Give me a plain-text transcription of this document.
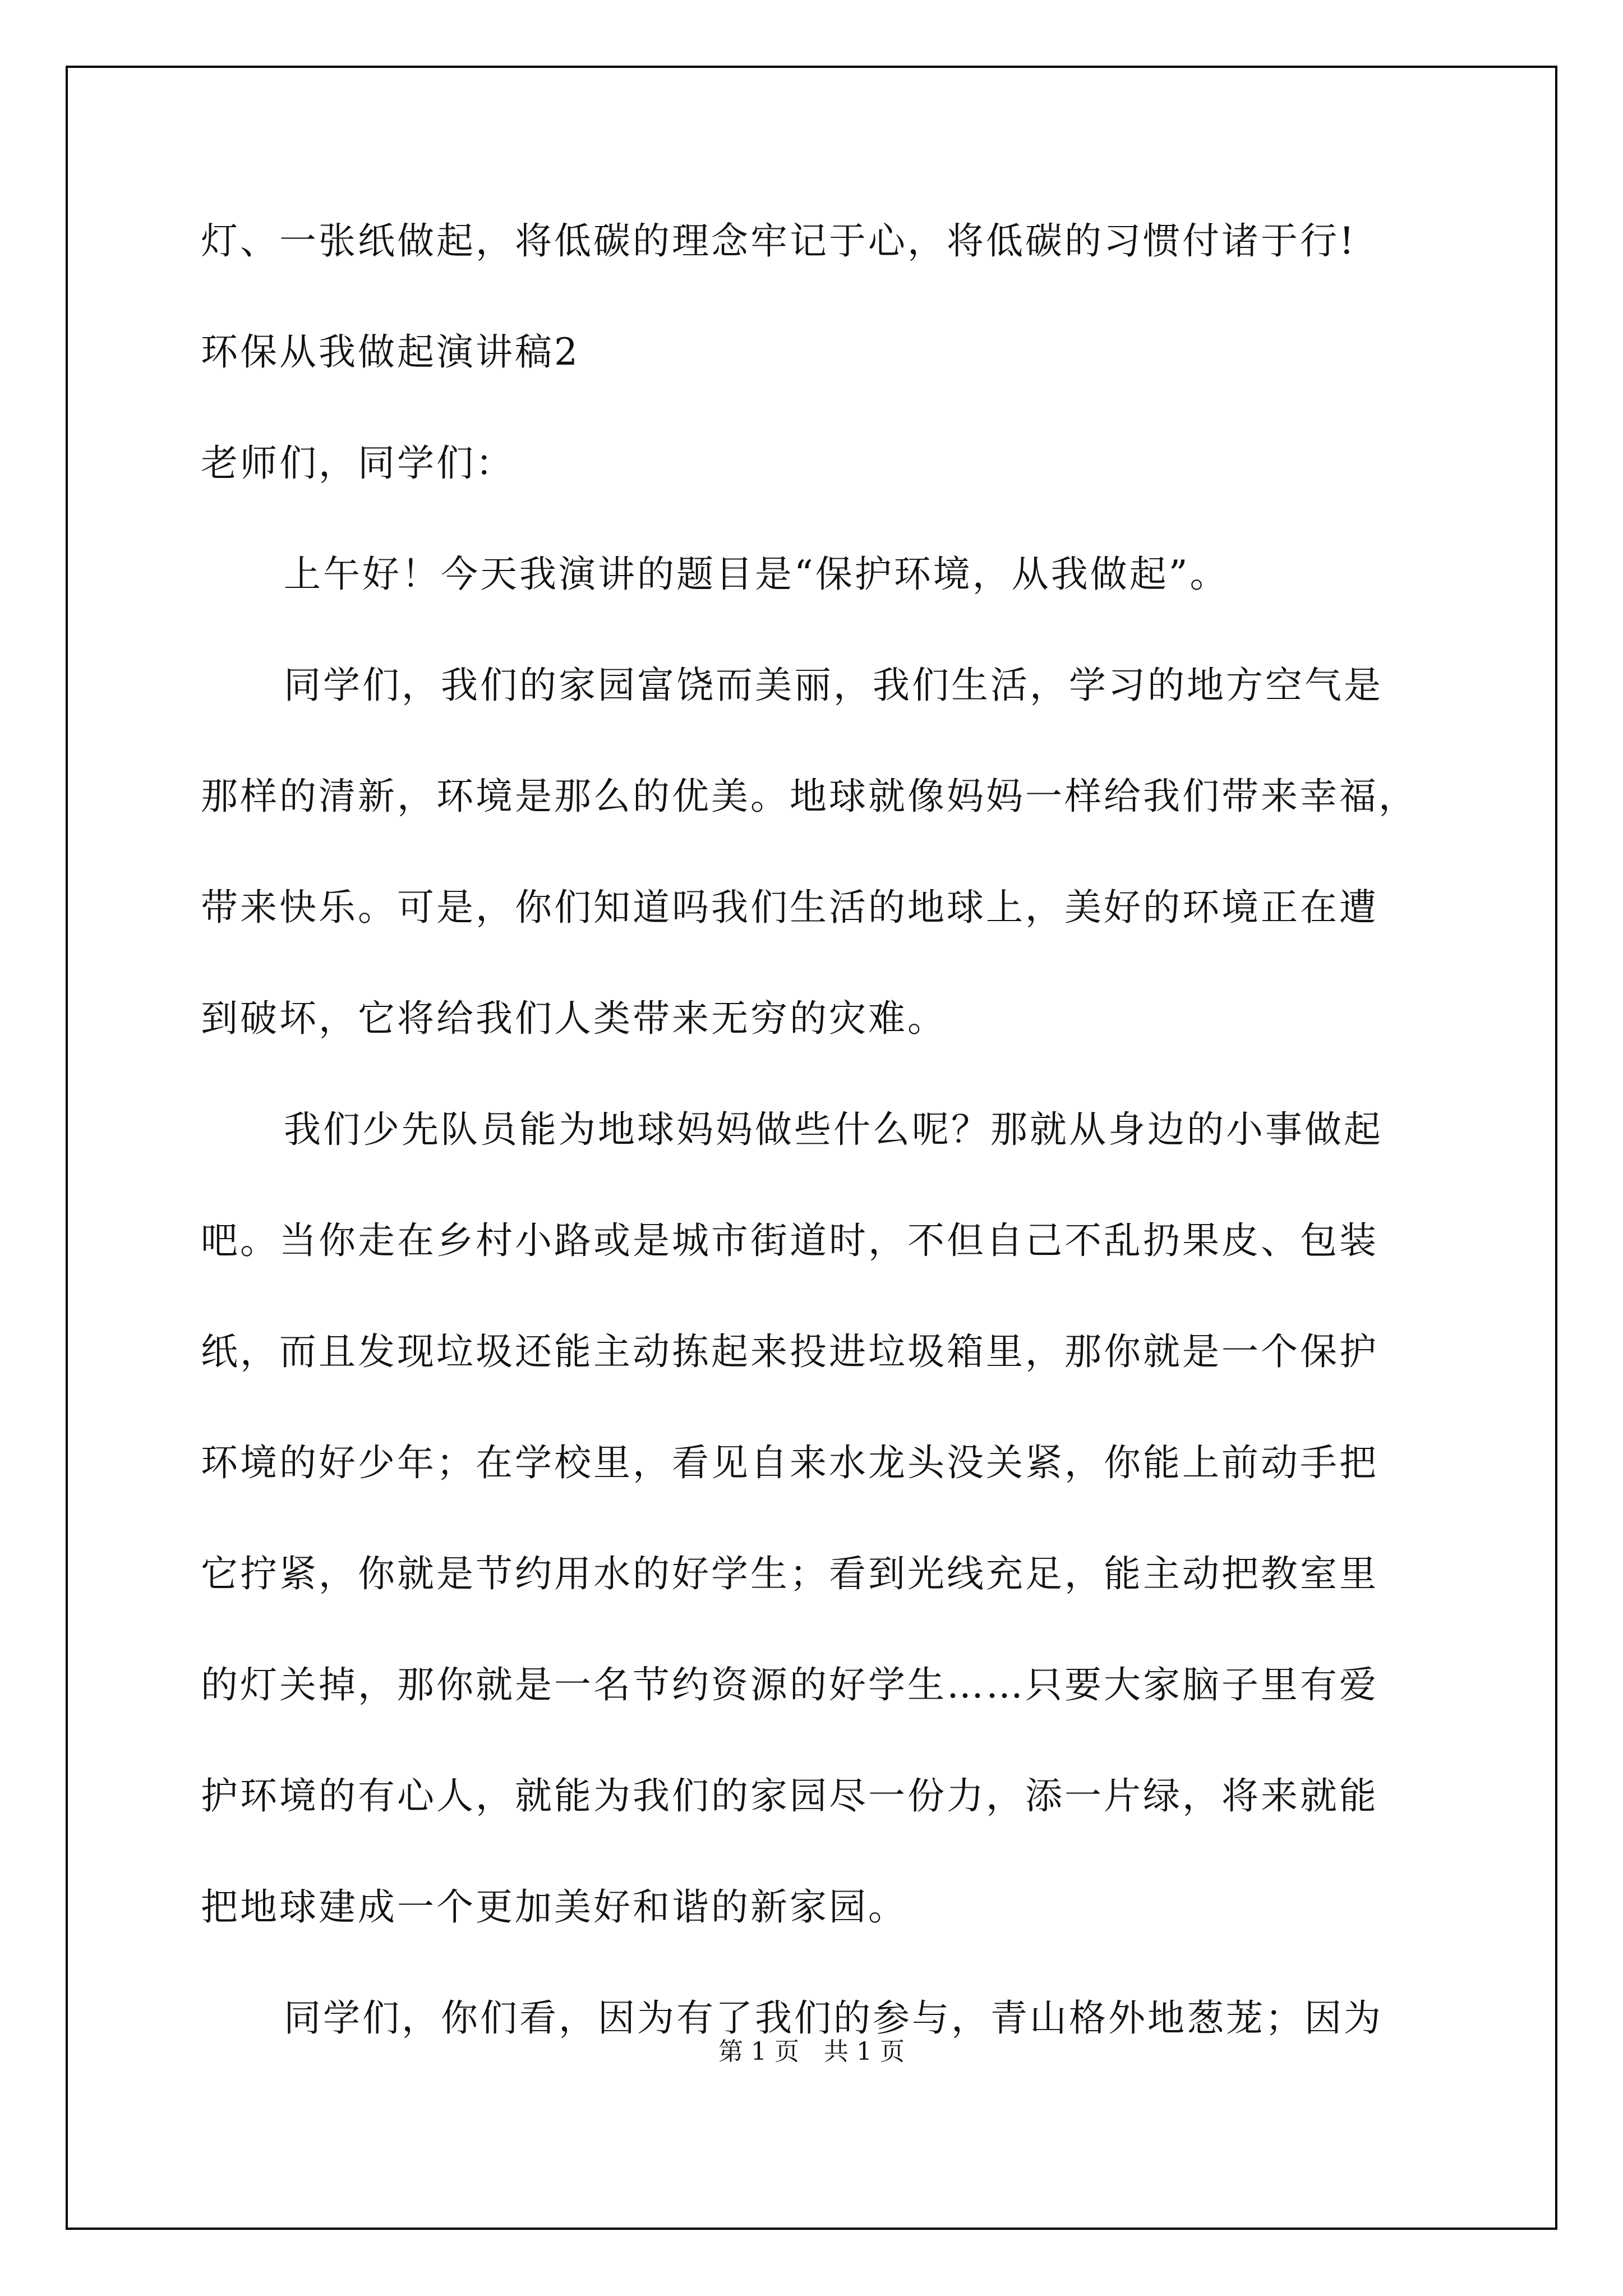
灯、一张纸做起，将低碳的理念牢记于心，将低碳的习惯付诸于行!
环保从我做起演讲稿2
老师们，同学们：
上午好！今天我演讲的题目是“保护环境，从我做起”。
同学们，我们的家园富饶而美丽，我们生活，学习的地方空气是
那样的清新，环境是那么的优美。地球就像妈妈一样给我们带来幸福，
带来快乐。可是，你们知道吗我们生活的地球上，美好的环境正在遭
到破坏，它将给我们人类带来无穷的灾难。
我们少先队员能为地球妈妈做些什么呢？那就从身边的小事做起
吧。当你走在乡村小路或是城市街道时，不但自己不乱扔果皮、包装
纸，而且发现垃圾还能主动拣起来投进垃圾箱里，那你就是一个保护
环境的好少年；在学校里，看见自来水龙头没关紧，你能上前动手把
它拧紧，你就是节约用水的好学生；看到光线充足，能主动把教室里
的灯关掉，那你就是一名节约资源的好学生……只要大家脑子里有爱
护环境的有心人，就能为我们的家园尽一份力，添一片绿，将来就能
把地球建成一个更加美好和谐的新家园。
同学们，你们看，因为有了我们的参与，青山格外地葱茏；因为
第 1 页　共 1 页
